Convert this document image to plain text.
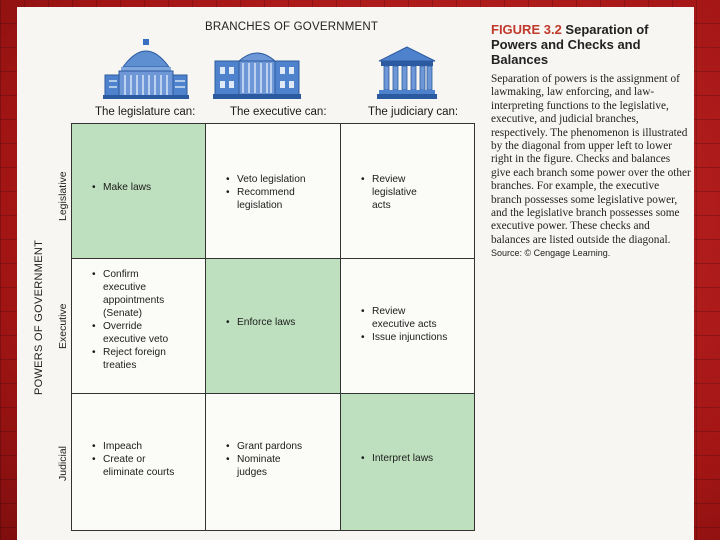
BRANCHES OF GOVERNMENT
The legislature can:	The executive can:	The judiciary can:
POWERS OF GOVERNMENT
Legislative
Executive
Judicial
• Make laws
• Veto legislation
• Recommend
legislation
• Review
legislative
acts
• Confirm
executive
appointments
(Senate)
• Override
executive veto
• Reject foreign
treaties
• Enforce laws
• Review
executive acts
• Issue injunctions
• Impeach
• Create or
eliminate courts
• Grant pardons
• Nominate
judges
• Interpret laws
FIGURE 3.2 Separation of Powers and Checks and Balances
Separation of powers is the assignment of lawmaking, law enforcing, and law-interpreting functions to the legislative, executive, and judicial branches, respectively. The phenomenon is illustrated by the diagonal from upper left to lower right in the figure. Checks and balances give each branch some power over the other branches. For example, the executive branch possesses some legislative power, and the legislative branch possesses some executive power. These checks and balances are listed outside the diagonal. Source: © Cengage Learning.
